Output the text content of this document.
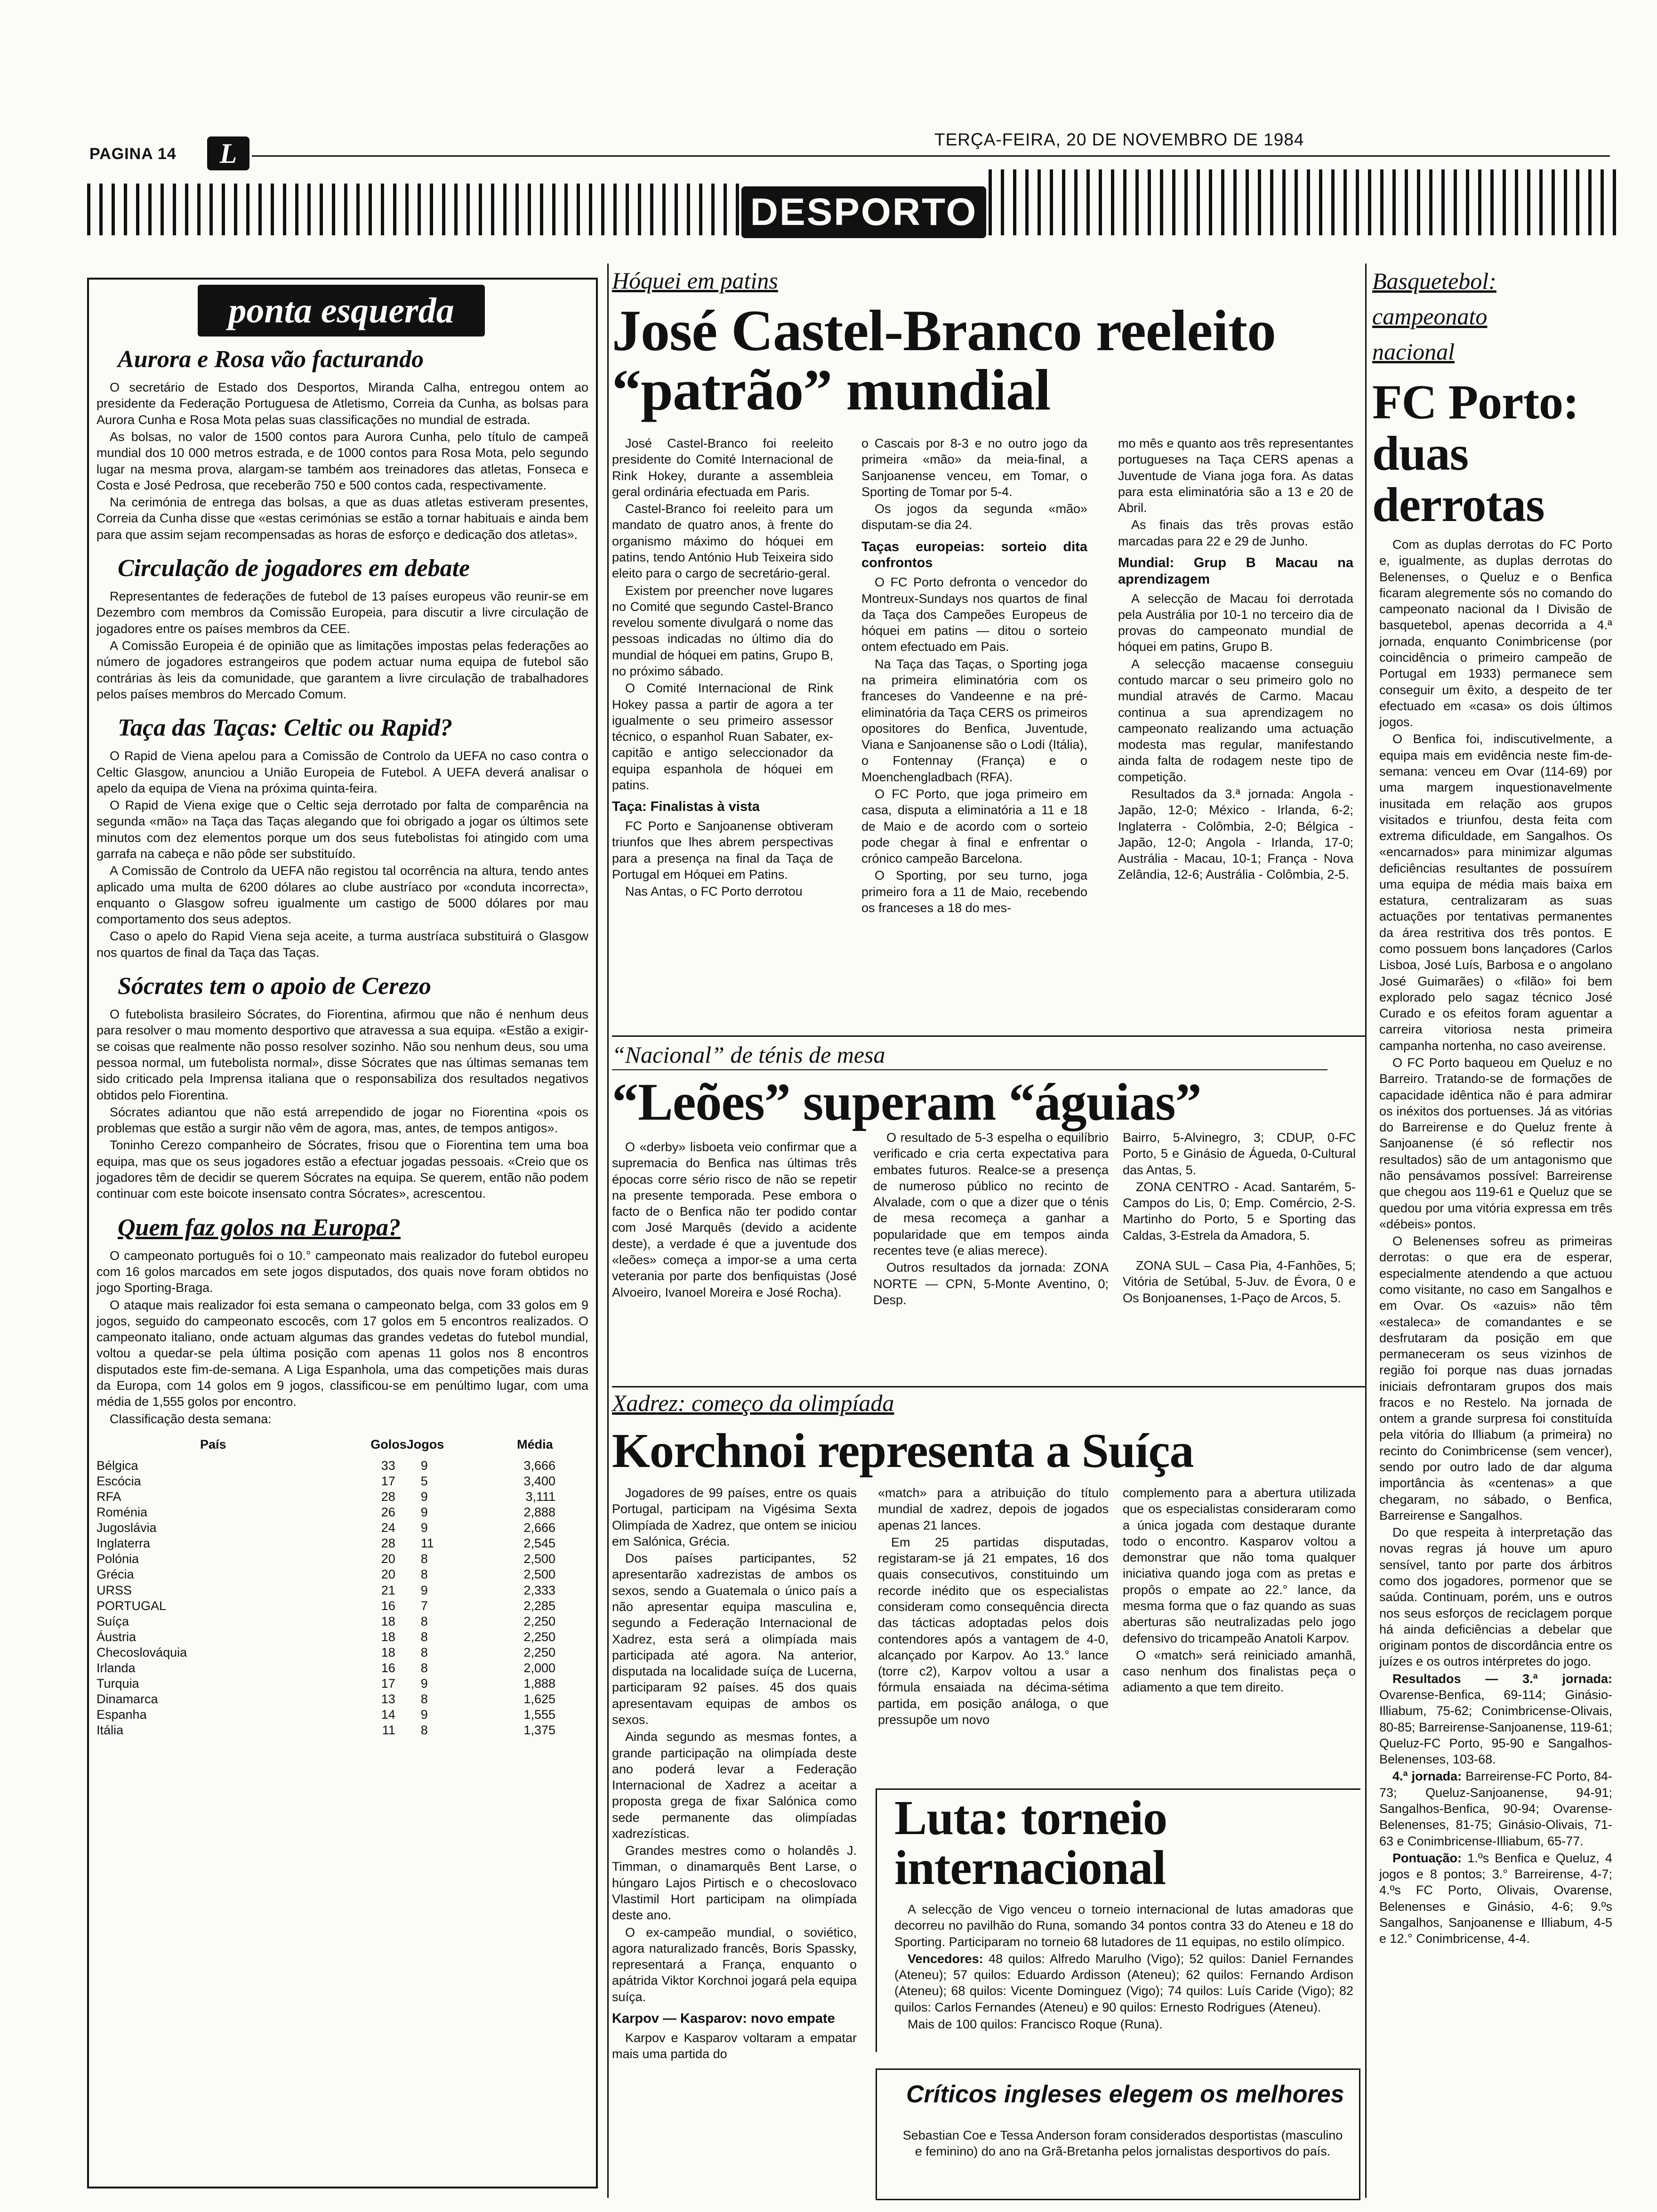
PAGINA 14	L	TERÇA-FEIRA, 20 DE NOVEMBRO DE 1984
DESPORTO
ponta esquerda
Aurora e Rosa vão facturando

O secretário de Estado dos Desportos, Miranda Calha, entregou ontem ao presidente da Federação Portuguesa de Atletismo, Correia da Cunha, as bolsas para Aurora Cunha e Rosa Mota pelas suas classificações no mundial de estrada.

As bolsas, no valor de 1500 contos para Aurora Cunha, pelo título de campeã mundial dos 10 000 metros estrada, e de 1000 contos para Rosa Mota, pelo segundo lugar na mesma prova, alargam-se também aos treinadores das atletas, Fonseca e Costa e José Pedrosa, que receberão 750 e 500 contos cada, respectivamente.

Na cerimónia de entrega das bolsas, a que as duas atletas estiveram presentes, Correia da Cunha disse que «estas cerimónias se estão a tornar habituais e ainda bem para que assim sejam recompensadas as horas de esforço e dedicação dos atletas».

Circulação de jogadores em debate

Representantes de federações de futebol de 13 países europeus vão reunir-se em Dezembro com membros da Comissão Europeia, para discutir a livre circulação de jogadores entre os países membros da CEE.

A Comissão Europeia é de opinião que as limitações impostas pelas federações ao número de jogadores estrangeiros que podem actuar numa equipa de futebol são contrárias às leis da comunidade, que garantem a livre circulação de trabalhadores pelos países membros do Mercado Comum.

Taça das Taças: Celtic ou Rapid?

O Rapid de Viena apelou para a Comissão de Controlo da UEFA no caso contra o Celtic Glasgow, anunciou a União Europeia de Futebol. A UEFA deverá analisar o apelo da equipa de Viena na próxima quinta-feira.

O Rapid de Viena exige que o Celtic seja derrotado por falta de comparência na segunda «mão» na Taça das Taças alegando que foi obrigado a jogar os últimos sete minutos com dez elementos porque um dos seus futebolistas foi atingido com uma garrafa na cabeça e não pôde ser substituído.

A Comissão de Controlo da UEFA não registou tal ocorrência na altura, tendo antes aplicado uma multa de 6200 dólares ao clube austríaco por «conduta incorrecta», enquanto o Glasgow sofreu igualmente um castigo de 5000 dólares por mau comportamento dos seus adeptos.

Caso o apelo do Rapid Viena seja aceite, a turma austríaca substituirá o Glasgow nos quartos de final da Taça das Taças.

Sócrates tem o apoio de Cerezo

O futebolista brasileiro Sócrates, do Fiorentina, afirmou que não é nenhum deus para resolver o mau momento desportivo que atravessa a sua equipa. «Estão a exigir-se coisas que realmente não posso resolver sozinho. Não sou nenhum deus, sou uma pessoa normal, um futebolista normal», disse Sócrates que nas últimas semanas tem sido criticado pela Imprensa italiana que o responsabiliza dos resultados negativos obtidos pelo Fiorentina.

Sócrates adiantou que não está arrependido de jogar no Fiorentina «pois os problemas que estão a surgir não vêm de agora, mas, antes, de tempos antigos».

Toninho Cerezo companheiro de Sócrates, frisou que o Fiorentina tem uma boa equipa, mas que os seus jogadores estão a efectuar jogadas pessoais. «Creio que os jogadores têm de decidir se querem Sócrates na equipa. Se querem, então não podem continuar com este boicote insensato contra Sócrates», acrescentou.

Quem faz golos na Europa?

O campeonato português foi o 10.° campeonato mais realizador do futebol europeu com 16 golos marcados em sete jogos disputados, dos quais nove foram obtidos no jogo Sporting-Braga.

O ataque mais realizador foi esta semana o campeonato belga, com 33 golos em 9 jogos, seguido do campeonato escocês, com 17 golos em 5 encontros realizados. O campeonato italiano, onde actuam algumas das grandes vedetas do futebol mundial, voltou a quedar-se pela última posição com apenas 11 golos nos 8 encontros disputados este fim-de-semana. A Liga Espanhola, uma das competições mais duras da Europa, com 14 golos em 9 jogos, classificou-se em penúltimo lugar, com uma média de 1,555 golos por encontro.

Classificação desta semana:

País	Golos	Jogos	Média
Bélgica	33	9	3,666
Escócia	17	5	3,400
RFA	28	9	3,111
Roménia	26	9	2,888
Jugoslávia	24	9	2,666
Inglaterra	28	11	2,545
Polónia	20	8	2,500
Grécia	20	8	2,500
URSS	21	9	2,333
PORTUGAL	16	7	2,285
Suíça	18	8	2,250
Áustria	18	8	2,250
Checoslováquia	18	8	2,250
Irlanda	16	8	2,000
Turquia	17	9	1,888
Dinamarca	13	8	1,625
Espanha	14	9	1,555
Itália	11	8	1,375
Hóquei em patins
José Castel-Branco reeleito “patrão” mundial

José Castel-Branco foi reeleito presidente do Comité Internacional de Rink Hokey, durante a assembleia geral ordinária efectuada em Paris.

Castel-Branco foi reeleito para um mandato de quatro anos, à frente do organismo máximo do hóquei em patins, tendo António Hub Teixeira sido eleito para o cargo de secretário-geral.

Existem por preencher nove lugares no Comité que segundo Castel-Branco revelou somente divulgará o nome das pessoas indicadas no último dia do mundial de hóquei em patins, Grupo B, no próximo sábado.

O Comité Internacional de Rink Hokey passa a partir de agora a ter igualmente o seu primeiro assessor técnico, o espanhol Ruan Sabater, ex-capitão e antigo seleccionador da equipa espanhola de hóquei em patins.

Taça: Finalistas à vista

FC Porto e Sanjoanense obtiveram triunfos que lhes abrem perspectivas para a presença na final da Taça de Portugal em Hóquei em Patins.

Nas Antas, o FC Porto derrotou

o Cascais por 8-3 e no outro jogo da primeira «mão» da meia-final, a Sanjoanense venceu, em Tomar, o Sporting de Tomar por 5-4.

Os jogos da segunda «mão» disputam-se dia 24.

Taças europeias: sorteio dita confrontos

O FC Porto defronta o vencedor do Montreux-Sundays nos quartos de final da Taça dos Campeões Europeus de hóquei em patins — ditou o sorteio ontem efectuado em Pais.

Na Taça das Taças, o Sporting joga na primeira eliminatória com os franceses do Vandeenne e na pré-eliminatória da Taça CERS os primeiros opositores do Benfica, Juventude, Viana e Sanjoanense são o Lodi (Itália), o Fontennay (França) e o Moenchengladbach (RFA).

O FC Porto, que joga primeiro em casa, disputa a eliminatória a 11 e 18 de Maio e de acordo com o sorteio pode chegar à final e enfrentar o crónico campeão Barcelona.

O Sporting, por seu turno, joga primeiro fora a 11 de Maio, recebendo os franceses a 18 do mes-

mo mês e quanto aos três representantes portugueses na Taça CERS apenas a Juventude de Viana joga fora. As datas para esta eliminatória são a 13 e 20 de Abril.

As finais das três provas estão marcadas para 22 e 29 de Junho.

Mundial: Grup B Macau na aprendizagem

A selecção de Macau foi derrotada pela Austrália por 10-1 no terceiro dia de provas do campeonato mundial de hóquei em patins, Grupo B.

A selecção macaense conseguiu contudo marcar o seu primeiro golo no mundial através de Carmo. Macau continua a sua aprendizagem no campeonato realizando uma actuação modesta mas regular, manifestando ainda falta de rodagem neste tipo de competição.

Resultados da 3.ª jornada: Angola - Japão, 12-0; México - Irlanda, 6-2; Inglaterra - Colômbia, 2-0; Bélgica - Japão, 12-0; Angola - Irlanda, 17-0; Austrália - Macau, 10-1; França - Nova Zelândia, 12-6; Austrália - Colômbia, 2-5.

“Nacional” de ténis de mesa
“Leões” superam “águias”

O «derby» lisboeta veio confirmar que a supremacia do Benfica nas últimas três épocas corre sério risco de não se repetir na presente temporada. Pese embora o facto de o Benfica não ter podido contar com José Marquês (devido a acidente deste), a verdade é que a juventude dos «leões» começa a impor-se a uma certa veterania por parte dos benfiquistas (José Alvoeiro, Ivanoel Moreira e José Rocha).

O resultado de 5-3 espelha o equilíbrio verificado e cria certa expectativa para embates futuros. Realce-se a presença de numeroso público no recinto de Alvalade, com o que a dizer que o ténis de mesa recomeça a ganhar a popularidade que em tempos ainda recentes teve (e alias merece).

Outros resultados da jornada: ZONA NORTE — CPN, 5-Monte Aventino, 0; Desp.

Bairro, 5-Alvinegro, 3; CDUP, 0-FC Porto, 5 e Ginásio de Águeda, 0-Cultural das Antas, 5.

ZONA CENTRO - Acad. Santarém, 5-Campos do Lis, 0; Emp. Comércio, 2-S. Martinho do Porto, 5 e Sporting das Caldas, 3-Estrela da Amadora, 5.

ZONA SUL – Casa Pia, 4-Fanhões, 5; Vitória de Setúbal, 5-Juv. de Évora, 0 e Os Bonjoanenses, 1-Paço de Arcos, 5.

Xadrez: começo da olimpíada
Korchnoi representa a Suíça

Jogadores de 99 países, entre os quais Portugal, participam na Vigésima Sexta Olimpíada de Xadrez, que ontem se iniciou em Salónica, Grécia.

Dos países participantes, 52 apresentarão xadrezistas de ambos os sexos, sendo a Guatemala o único país a não apresentar equipa masculina e, segundo a Federação Internacional de Xadrez, esta será a olimpíada mais participada até agora. Na anterior, disputada na localidade suíça de Lucerna, participaram 92 países. 45 dos quais apresentavam equipas de ambos os sexos.

Ainda segundo as mesmas fontes, a grande participação na olimpíada deste ano poderá levar a Federação Internacional de Xadrez a aceitar a proposta grega de fixar Salónica como sede permanente das olimpíadas xadrezísticas.

Grandes mestres como o holandês J. Timman, o dinamarquês Bent Larse, o húngaro Lajos Pirtisch e o checoslovaco Vlastimil Hort participam na olimpíada deste ano.

O ex-campeão mundial, o soviético, agora naturalizado francês, Boris Spassky, representará a França, enquanto o apátrida Viktor Korchnoi jogará pela equipa suíça.

Karpov — Kasparov: novo empate

Karpov e Kasparov voltaram a empatar mais uma partida do

«match» para a atribuição do título mundial de xadrez, depois de jogados apenas 21 lances.

Em 25 partidas disputadas, registaram-se já 21 empates, 16 dos quais consecutivos, constituindo um recorde inédito que os especialistas consideram como consequência directa das tácticas adoptadas pelos dois contendores após a vantagem de 4-0, alcançado por Karpov. Ao 13.° lance (torre c2), Karpov voltou a usar a fórmula ensaiada na décima-sétima partida, em posição análoga, o que pressupõe um novo

complemento para a abertura utilizada que os especialistas consideraram como a única jogada com destaque durante todo o encontro. Kasparov voltou a demonstrar que não toma qualquer iniciativa quando joga com as pretas e propôs o empate ao 22.° lance, da mesma forma que o faz quando as suas aberturas são neutralizadas pelo jogo defensivo do tricampeão Anatoli Karpov.

O «match» será reiniciado amanhã, caso nenhum dos finalistas peça o adiamento a que tem direito.

Luta: torneio internacional

A selecção de Vigo venceu o torneio internacional de lutas amadoras que decorreu no pavilhão do Runa, somando 34 pontos contra 33 do Ateneu e 18 do Sporting. Participaram no torneio 68 lutadores de 11 equipas, no estilo olímpico.

Vencedores: 48 quilos: Alfredo Marulho (Vigo); 52 quilos: Daniel Fernandes (Ateneu); 57 quilos: Eduardo Ardisson (Ateneu); 62 quilos: Fernando Ardison (Ateneu); 68 quilos: Vicente Dominguez (Vigo); 74 quilos: Luís Caride (Vigo); 82 quilos: Carlos Fernandes (Ateneu) e 90 quilos: Ernesto Rodrigues (Ateneu).

Mais de 100 quilos: Francisco Roque (Runa).

Críticos ingleses elegem os melhores

Sebastian Coe e Tessa Anderson foram considerados desportistas (masculino e feminino) do ano na Grã-Bretanha pelos jornalistas desportivos do país.

Basquetebol:
campeonato
nacional
FC Porto:
duas
derrotas

Com as duplas derrotas do FC Porto e, igualmente, as duplas derrotas do Belenenses, o Queluz e o Benfica ficaram alegremente sós no comando do campeonato nacional da I Divisão de basquetebol, apenas decorrida a 4.ª jornada, enquanto Conimbricense (por coincidência o primeiro campeão de Portugal em 1933) permanece sem conseguir um êxito, a despeito de ter efectuado em «casa» os dois últimos jogos.

O Benfica foi, indiscutivelmente, a equipa mais em evidência neste fim-de-semana: venceu em Ovar (114-69) por uma margem inquestionavelmente inusitada em relação aos grupos visitados e triunfou, desta feita com extrema dificuldade, em Sangalhos. Os «encarnados» para minimizar algumas deficiências resultantes de possuírem uma equipa de média mais baixa em estatura, centralizaram as suas actuações por tentativas permanentes da área restritiva dos três pontos. E como possuem bons lançadores (Carlos Lisboa, José Luís, Barbosa e o angolano José Guimarães) o «filão» foi bem explorado pelo sagaz técnico José Curado e os efeitos foram aguentar a carreira vitoriosa nesta primeira campanha nortenha, no caso aveirense.

O FC Porto baqueou em Queluz e no Barreiro. Tratando-se de formações de capacidade idêntica não é para admirar os inéxitos dos portuenses. Já as vitórias do Barreirense e do Queluz frente à Sanjoanense (é só reflectir nos resultados) são de um antagonismo que não pensávamos possível: Barreirense que chegou aos 119-61 e Queluz que se quedou por uma vitória expressa em três «débeis» pontos.

O Belenenses sofreu as primeiras derrotas: o que era de esperar, especialmente atendendo a que actuou como visitante, no caso em Sangalhos e em Ovar. Os «azuis» não têm «estaleca» de comandantes e se desfrutaram da posição em que permaneceram os seus vizinhos de região foi porque nas duas jornadas iniciais defrontaram grupos dos mais fracos e no Restelo. Na jornada de ontem a grande surpresa foi constituída pela vitória do Illiabum (a primeira) no recinto do Conimbricense (sem vencer), sendo por outro lado de dar alguma importância às «centenas» a que chegaram, no sábado, o Benfica, Barreirense e Sangalhos.

Do que respeita à interpretação das novas regras já houve um apuro sensível, tanto por parte dos árbitros como dos jogadores, pormenor que se saúda. Continuam, porém, uns e outros nos seus esforços de reciclagem porque há ainda deficiências a debelar que originam pontos de discordância entre os juízes e os outros intérpretes do jogo.

Resultados — 3.ª jornada: Ovarense-Benfica, 69-114; Ginásio-Illiabum, 75-62; Conimbricense-Olivais, 80-85; Barreirense-Sanjoanense, 119-61; Queluz-FC Porto, 95-90 e Sangalhos-Belenenses, 103-68.

4.ª jornada: Barreirense-FC Porto, 84-73; Queluz-Sanjoanense, 94-91; Sangalhos-Benfica, 90-94; Ovarense-Belenenses, 81-75; Ginásio-Olivais, 71-63 e Conimbricense-Illiabum, 65-77.

Pontuação: 1.ºs Benfica e Queluz, 4 jogos e 8 pontos; 3.° Barreirense, 4-7; 4.ºs FC Porto, Olivais, Ovarense, Belenenses e Ginásio, 4-6; 9.ºs Sangalhos, Sanjoanense e Illiabum, 4-5 e 12.° Conimbricense, 4-4.
